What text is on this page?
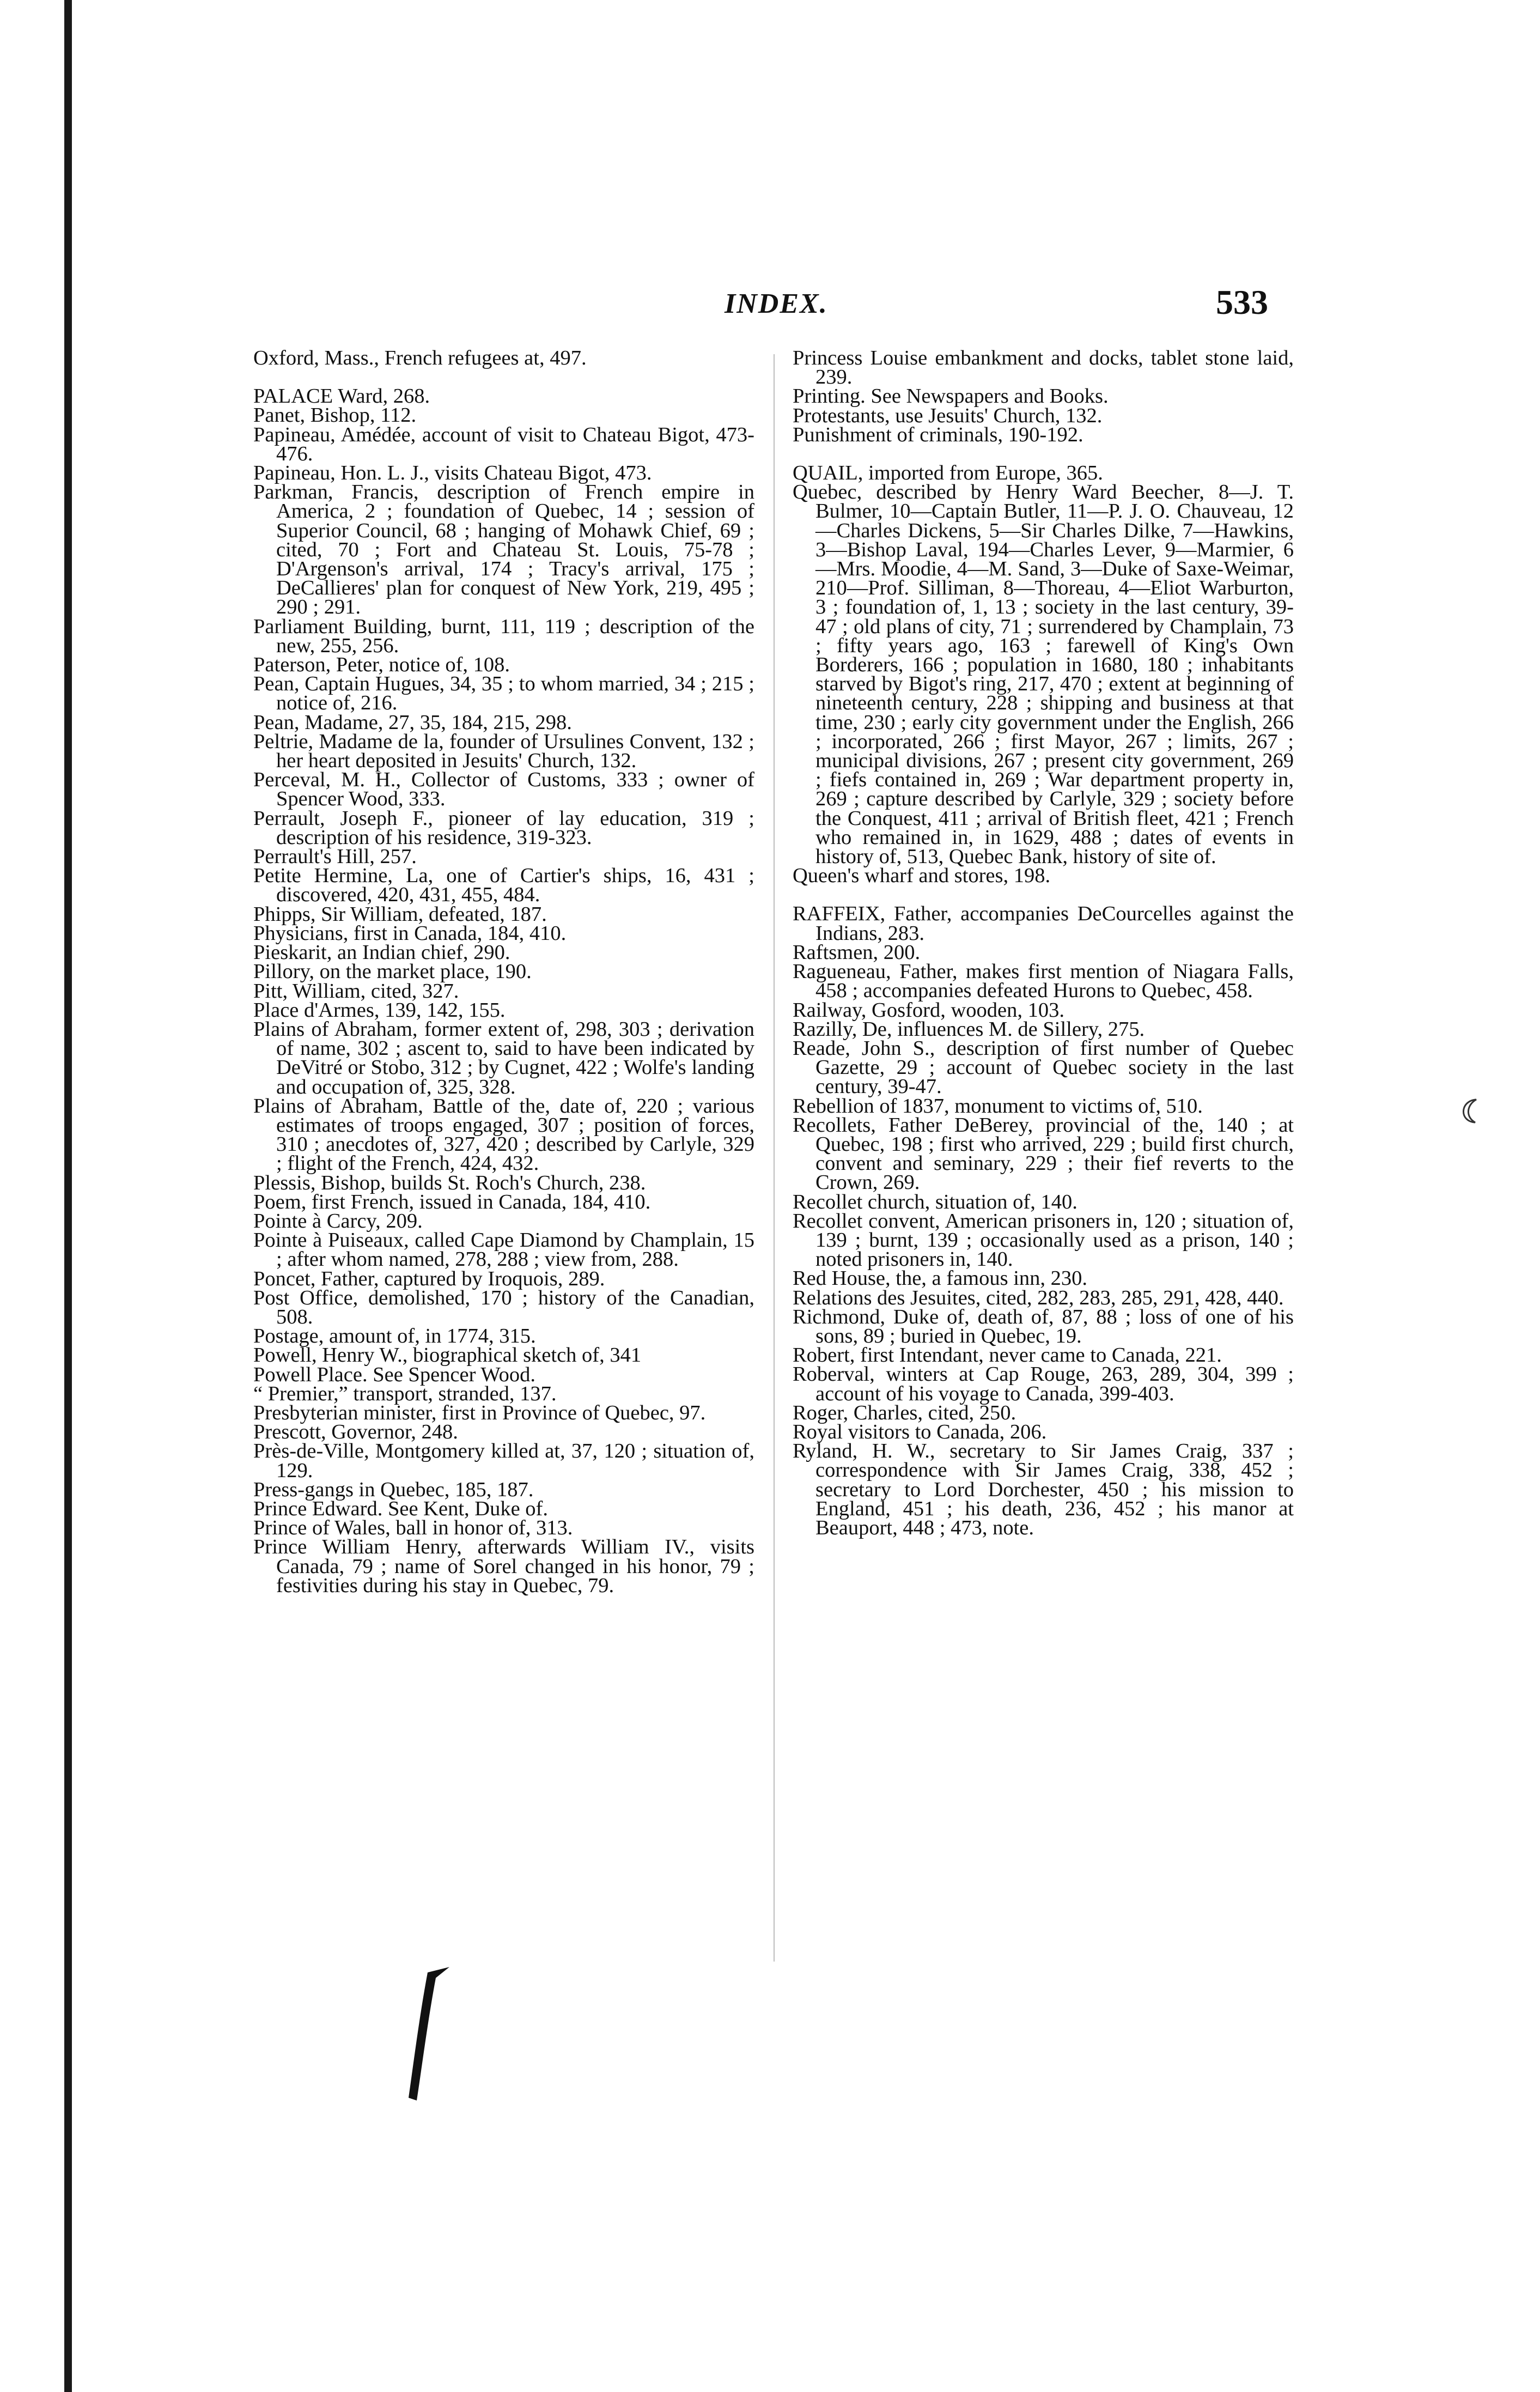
INDEX.	533

Oxford, Mass., French refugees at, 497.

PALACE Ward, 268.

Panet, Bishop, 112.

Papineau, Amédée, account of visit to Chateau Bigot, 473-476.

Papineau, Hon. L. J., visits Chateau Bigot, 473.

Parkman, Francis, description of French empire in America, 2 ; foundation of Quebec, 14 ; session of Superior Council, 68 ; hanging of Mohawk Chief, 69 ; cited, 70 ; Fort and Chateau St. Louis, 75-78 ; D'Argenson's arrival, 174 ; Tracy's arrival, 175 ; DeCallieres' plan for conquest of New York, 219, 495 ; 290 ; 291.

Parliament Building, burnt, 111, 119 ; description of the new, 255, 256.

Paterson, Peter, notice of, 108.

Pean, Captain Hugues, 34, 35 ; to whom married, 34 ; 215 ; notice of, 216.

Pean, Madame, 27, 35, 184, 215, 298.

Peltrie, Madame de la, founder of Ursulines Convent, 132 ; her heart deposited in Jesuits' Church, 132.

Perceval, M. H., Collector of Customs, 333 ; owner of Spencer Wood, 333.

Perrault, Joseph F., pioneer of lay education, 319 ; description of his residence, 319-323.

Perrault's Hill, 257.

Petite Hermine, La, one of Cartier's ships, 16, 431 ; discovered, 420, 431, 455, 484.

Phipps, Sir William, defeated, 187.

Physicians, first in Canada, 184, 410.

Pieskarit, an Indian chief, 290.

Pillory, on the market place, 190.

Pitt, William, cited, 327.

Place d'Armes, 139, 142, 155.

Plains of Abraham, former extent of, 298, 303 ; derivation of name, 302 ; ascent to, said to have been indicated by DeVitré or Stobo, 312 ; by Cugnet, 422 ; Wolfe's landing and occupation of, 325, 328.

Plains of Abraham, Battle of the, date of, 220 ; various estimates of troops engaged, 307 ; position of forces, 310 ; anecdotes of, 327, 420 ; described by Carlyle, 329 ; flight of the French, 424, 432.

Plessis, Bishop, builds St. Roch's Church, 238.

Poem, first French, issued in Canada, 184, 410.

Pointe à Carcy, 209.

Pointe à Puiseaux, called Cape Diamond by Champlain, 15 ; after whom named, 278, 288 ; view from, 288.

Poncet, Father, captured by Iroquois, 289.

Post Office, demolished, 170 ; history of the Canadian, 508.

Postage, amount of, in 1774, 315.

Powell, Henry W., biographical sketch of, 341

Powell Place. See Spencer Wood.

“ Premier,” transport, stranded, 137.

Presbyterian minister, first in Province of Quebec, 97.

Prescott, Governor, 248.

Près-de-Ville, Montgomery killed at, 37, 120 ; situation of, 129.

Press-gangs in Quebec, 185, 187.

Prince Edward. See Kent, Duke of.

Prince of Wales, ball in honor of, 313.

Prince William Henry, afterwards William IV., visits Canada, 79 ; name of Sorel changed in his honor, 79 ; festivities during his stay in Quebec, 79.

Princess Louise embankment and docks, tablet stone laid, 239.

Printing. See Newspapers and Books.

Protestants, use Jesuits' Church, 132.

Punishment of criminals, 190-192.

QUAIL, imported from Europe, 365.

Quebec, described by Henry Ward Beecher, 8—J. T. Bulmer, 10—Captain Butler, 11—P. J. O. Chauveau, 12—Charles Dickens, 5—Sir Charles Dilke, 7—Hawkins, 3—Bishop Laval, 194—Charles Lever, 9—Marmier, 6—Mrs. Moodie, 4—M. Sand, 3—Duke of Saxe-Weimar, 210—Prof. Silliman, 8—Thoreau, 4—Eliot Warburton, 3 ; foundation of, 1, 13 ; society in the last century, 39-47 ; old plans of city, 71 ; surrendered by Champlain, 73 ; fifty years ago, 163 ; farewell of King's Own Borderers, 166 ; population in 1680, 180 ; inhabitants starved by Bigot's ring, 217, 470 ; extent at beginning of nineteenth century, 228 ; shipping and business at that time, 230 ; early city government under the English, 266 ; incorporated, 266 ; first Mayor, 267 ; limits, 267 ; municipal divisions, 267 ; present city government, 269 ; fiefs contained in, 269 ; War department property in, 269 ; capture described by Carlyle, 329 ; society before the Conquest, 411 ; arrival of British fleet, 421 ; French who remained in, in 1629, 488 ; dates of events in history of, 513, Quebec Bank, history of site of.

Queen's wharf and stores, 198.

RAFFEIX, Father, accompanies DeCourcelles against the Indians, 283.

Raftsmen, 200.

Ragueneau, Father, makes first mention of Niagara Falls, 458 ; accompanies defeated Hurons to Quebec, 458.

Railway, Gosford, wooden, 103.

Razilly, De, influences M. de Sillery, 275.

Reade, John S., description of first number of Quebec Gazette, 29 ; account of Quebec society in the last century, 39-47.

Rebellion of 1837, monument to victims of, 510.

Recollets, Father DeBerey, provincial of the, 140 ; at Quebec, 198 ; first who arrived, 229 ; build first church, convent and seminary, 229 ; their fief reverts to the Crown, 269.

Recollet church, situation of, 140.

Recollet convent, American prisoners in, 120 ; situation of, 139 ; burnt, 139 ; occasionally used as a prison, 140 ; noted prisoners in, 140.

Red House, the, a famous inn, 230.

Relations des Jesuites, cited, 282, 283, 285, 291, 428, 440.

Richmond, Duke of, death of, 87, 88 ; loss of one of his sons, 89 ; buried in Quebec, 19.

Robert, first Intendant, never came to Canada, 221.

Roberval, winters at Cap Rouge, 263, 289, 304, 399 ; account of his voyage to Canada, 399-403.

Roger, Charles, cited, 250.

Royal visitors to Canada, 206.

Ryland, H. W., secretary to Sir James Craig, 337 ; correspondence with Sir James Craig, 338, 452 ; secretary to Lord Dorchester, 450 ; his mission to England, 451 ; his death, 236, 452 ; his manor at Beauport, 448 ; 473, note.
